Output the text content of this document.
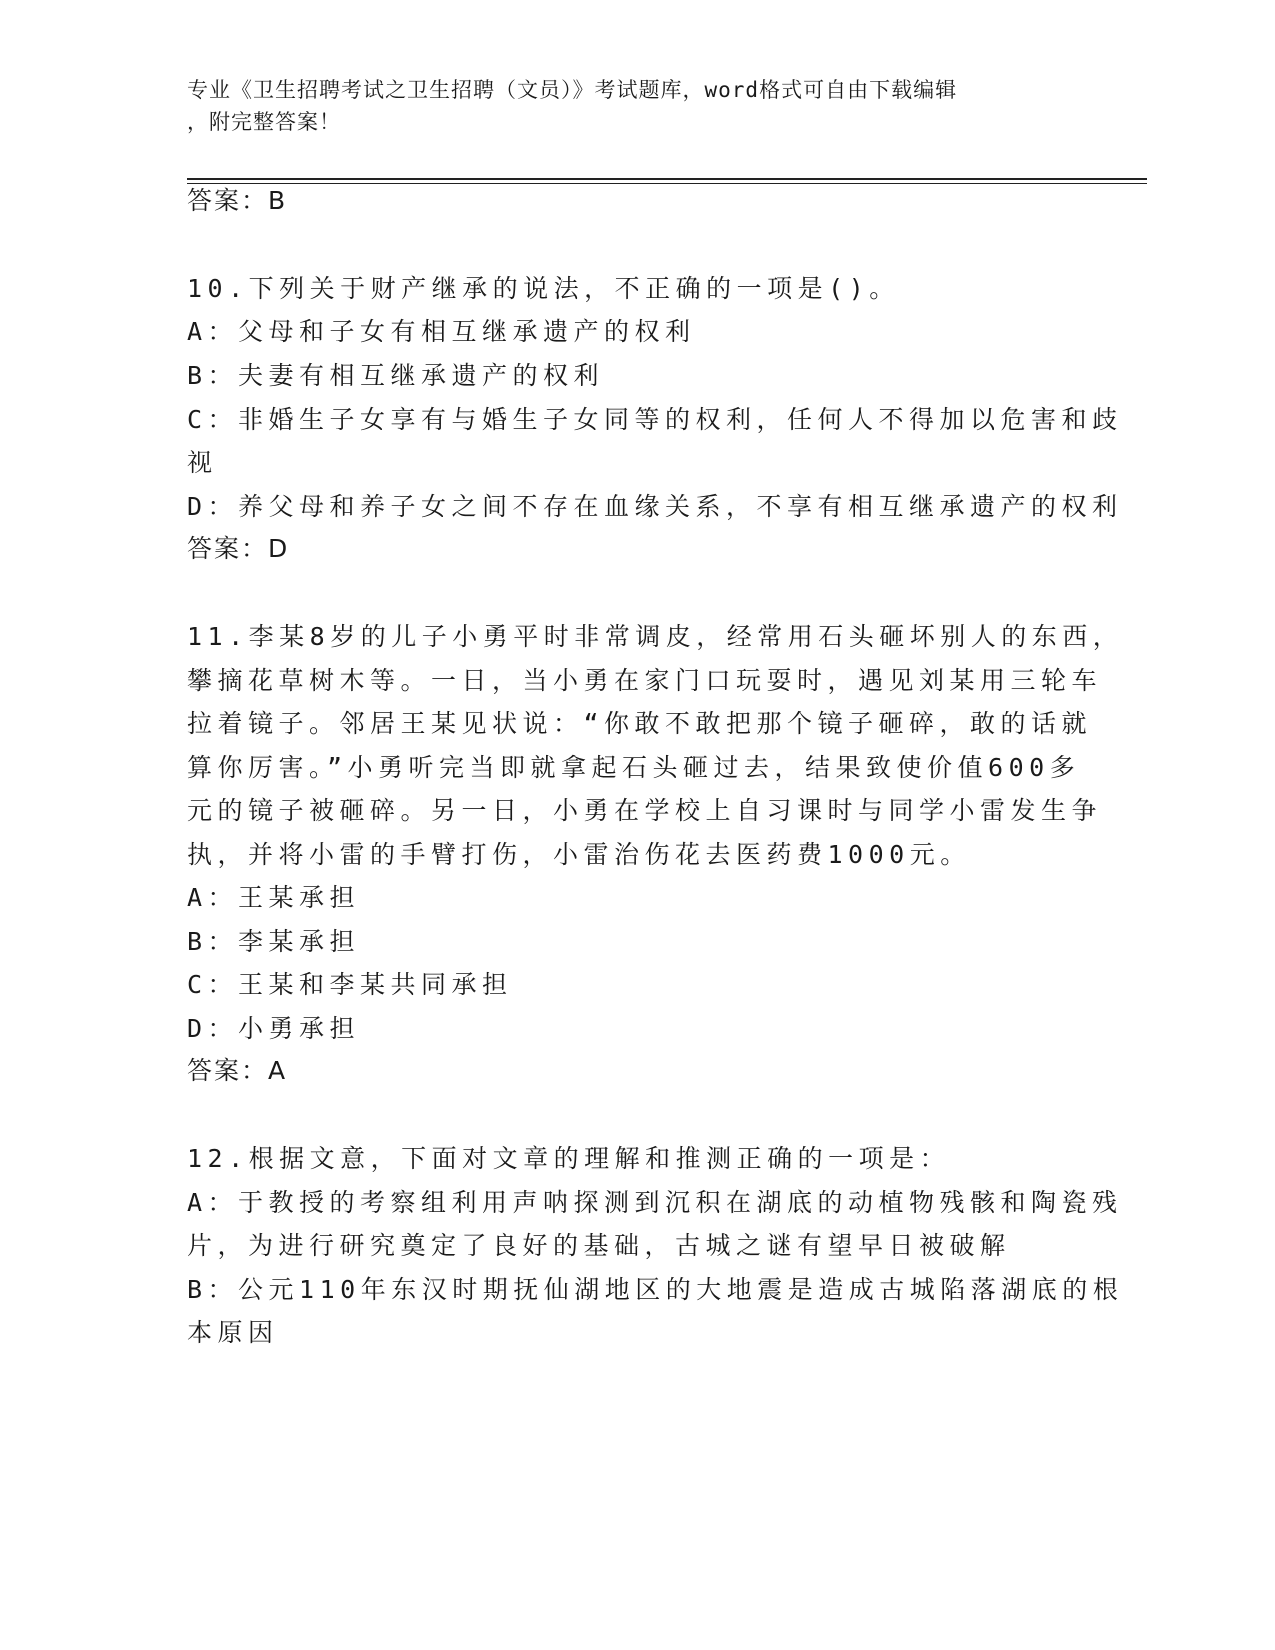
专业《卫生招聘考试之卫生招聘（文员）》考试题库，word格式可自由下载编辑
，附完整答案！
答案：B
10.下列关于财产继承的说法，不正确的一项是()。
A：父母和子女有相互继承遗产的权利
B：夫妻有相互继承遗产的权利
C：非婚生子女享有与婚生子女同等的权利，任何人不得加以危害和歧
视
D：养父母和养子女之间不存在血缘关系，不享有相互继承遗产的权利
答案：D
11.李某8岁的儿子小勇平时非常调皮，经常用石头砸坏别人的东西，
攀摘花草树木等。一日，当小勇在家门口玩耍时，遇见刘某用三轮车
拉着镜子。邻居王某见状说：“你敢不敢把那个镜子砸碎，敢的话就
算你厉害。”小勇听完当即就拿起石头砸过去，结果致使价值600多
元的镜子被砸碎。另一日，小勇在学校上自习课时与同学小雷发生争
执，并将小雷的手臂打伤，小雷治伤花去医药费1000元。
A：王某承担
B：李某承担
C：王某和李某共同承担
D：小勇承担
答案：A
12.根据文意，下面对文章的理解和推测正确的一项是：
A：于教授的考察组利用声呐探测到沉积在湖底的动植物残骸和陶瓷残
片，为进行研究奠定了良好的基础，古城之谜有望早日被破解
B：公元110年东汉时期抚仙湖地区的大地震是造成古城陷落湖底的根
本原因
